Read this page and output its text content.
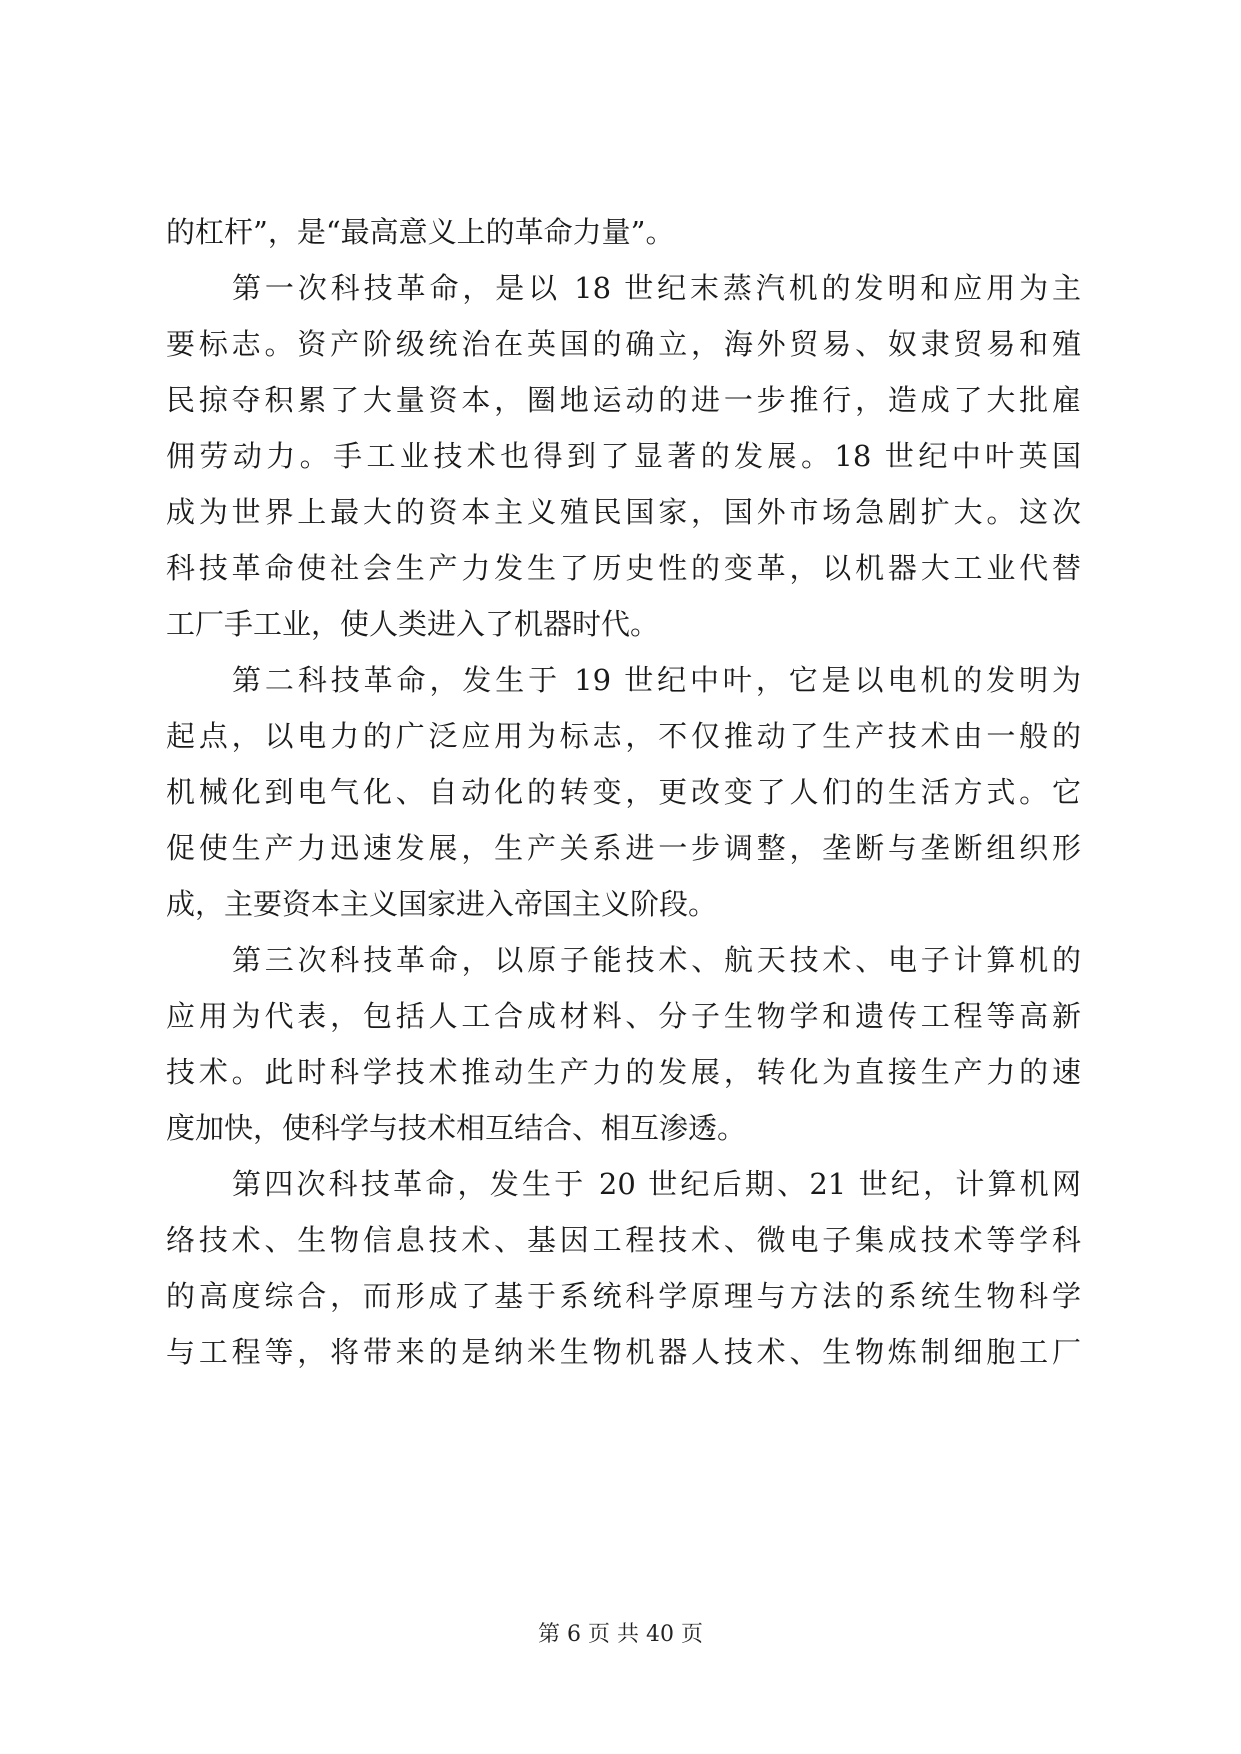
的杠杆”，是“最高意义上的革命力量”。
第一次科技革命，是以 18 世纪末蒸汽机的发明和应用为主
要标志。资产阶级统治在英国的确立，海外贸易、奴隶贸易和殖
民掠夺积累了大量资本，圈地运动的进一步推行，造成了大批雇
佣劳动力。手工业技术也得到了显著的发展。18 世纪中叶英国
成为世界上最大的资本主义殖民国家，国外市场急剧扩大。这次
科技革命使社会生产力发生了历史性的变革，以机器大工业代替
工厂手工业，使人类进入了机器时代。
第二科技革命，发生于 19 世纪中叶，它是以电机的发明为
起点，以电力的广泛应用为标志，不仅推动了生产技术由一般的
机械化到电气化、自动化的转变，更改变了人们的生活方式。它
促使生产力迅速发展，生产关系进一步调整，垄断与垄断组织形
成，主要资本主义国家进入帝国主义阶段。
第三次科技革命，以原子能技术、航天技术、电子计算机的
应用为代表，包括人工合成材料、分子生物学和遗传工程等高新
技术。此时科学技术推动生产力的发展，转化为直接生产力的速
度加快，使科学与技术相互结合、相互渗透。
第四次科技革命，发生于 20 世纪后期、21 世纪，计算机网
络技术、生物信息技术、基因工程技术、微电子集成技术等学科
的高度综合，而形成了基于系统科学原理与方法的系统生物科学
与工程等，将带来的是纳米生物机器人技术、生物炼制细胞工厂
第 6 页 共 40 页
